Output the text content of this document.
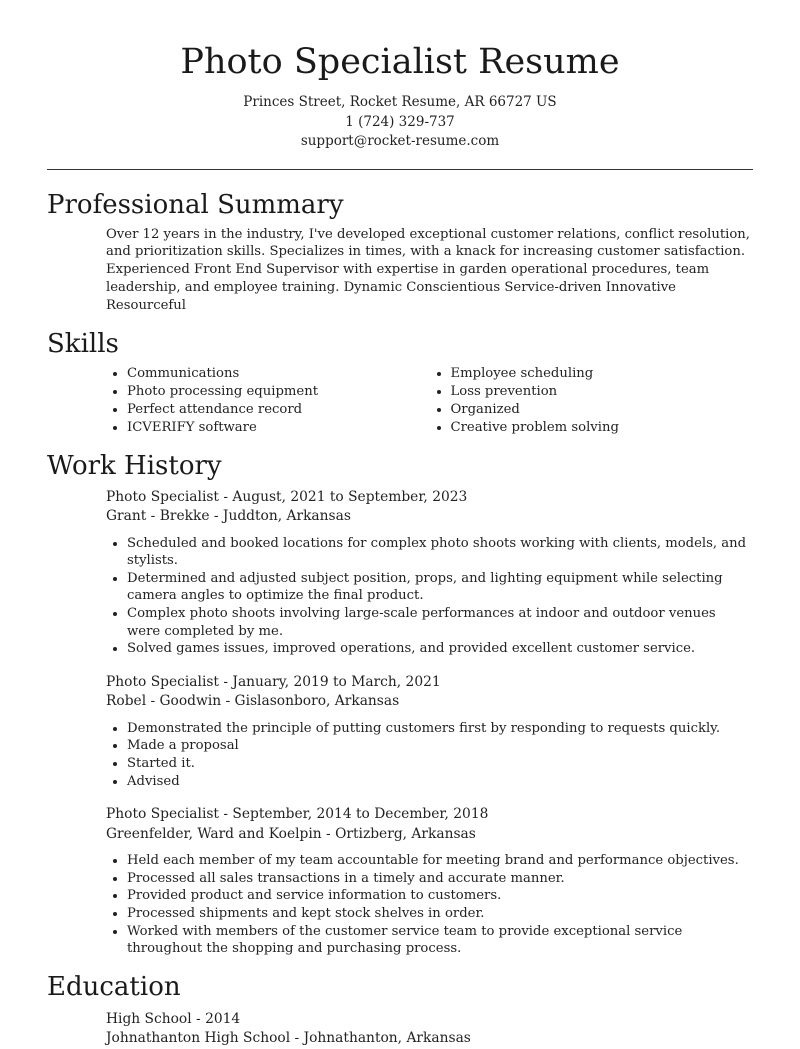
Photo Specialist Resume
Princes Street, Rocket Resume, AR 66727 US
1 (724) 329-737
support@rocket-resume.com
Professional Summary
Over 12 years in the industry, I've developed exceptional customer relations, conflict resolution, and prioritization skills. Specializes in times, with a knack for increasing customer satisfaction. Experienced Front End Supervisor with expertise in garden operational procedures, team leadership, and employee training. Dynamic Conscientious Service-driven Innovative Resourceful
Skills
• Communications
• Photo processing equipment
• Perfect attendance record
• ICVERIFY software
• Employee scheduling
• Loss prevention
• Organized
• Creative problem solving
Work History
Photo Specialist - August, 2021 to September, 2023
Grant - Brekke - Juddton, Arkansas
• Scheduled and booked locations for complex photo shoots working with clients, models, and stylists.
• Determined and adjusted subject position, props, and lighting equipment while selecting camera angles to optimize the final product.
• Complex photo shoots involving large-scale performances at indoor and outdoor venues were completed by me.
• Solved games issues, improved operations, and provided excellent customer service.
Photo Specialist - January, 2019 to March, 2021
Robel - Goodwin - Gislasonboro, Arkansas
• Demonstrated the principle of putting customers first by responding to requests quickly.
• Made a proposal
• Started it.
• Advised
Photo Specialist - September, 2014 to December, 2018
Greenfelder, Ward and Koelpin - Ortizberg, Arkansas
• Held each member of my team accountable for meeting brand and performance objectives.
• Processed all sales transactions in a timely and accurate manner.
• Provided product and service information to customers.
• Processed shipments and kept stock shelves in order.
• Worked with members of the customer service team to provide exceptional service throughout the shopping and purchasing process.
Education
High School - 2014
Johnathanton High School - Johnathanton, Arkansas
